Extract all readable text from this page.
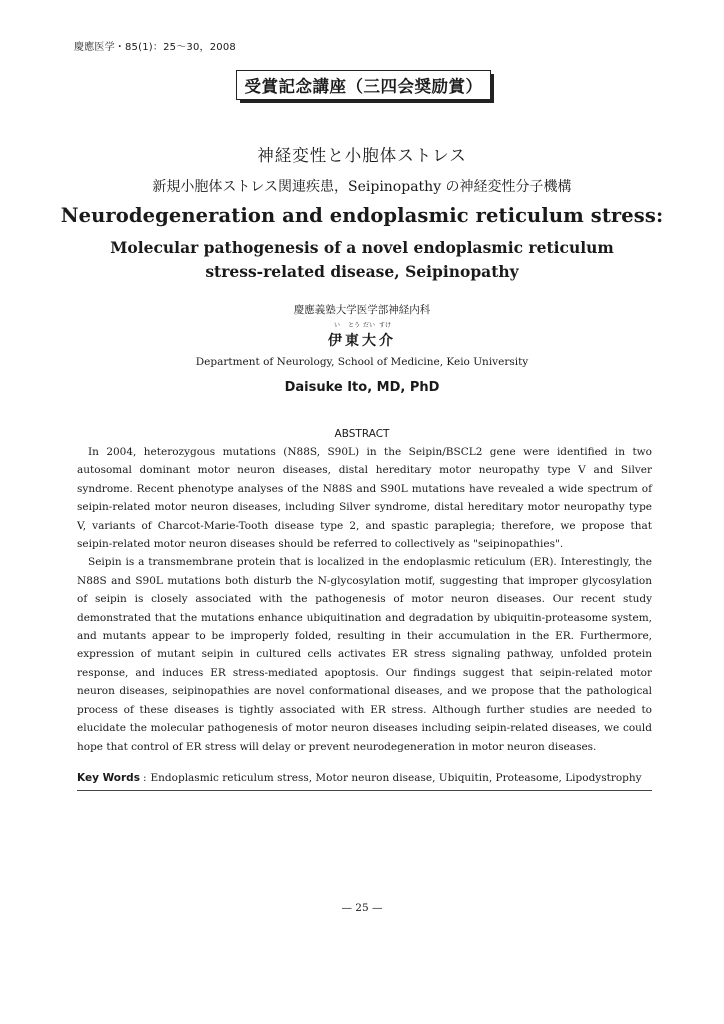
慶應医学・85(1)：25〜30，2008
受賞記念講座（三四会奨励賞）
神経変性と小胞体ストレス
新規小胞体ストレス関連疾患，Seipinopathy の神経変性分子機構
Neurodegeneration and endoplasmic reticulum stress:
Molecular pathogenesis of a novel endoplasmic reticulum
stress-related disease, Seipinopathy
慶應義塾大学医学部神経内科
い とう だい すけ
伊東大介
Department of Neurology, School of Medicine, Keio University
Daisuke Ito, MD, PhD
ABSTRACT

In 2004, heterozygous mutations (N88S, S90L) in the Seipin/BSCL2 gene were identified in two autosomal dominant motor neuron diseases, distal hereditary motor neuropathy type V and Silver syndrome. Recent phenotype analyses of the N88S and S90L mutations have revealed a wide spectrum of seipin-related motor neuron diseases, including Silver syndrome, distal hereditary motor neuropathy type V, variants of Charcot-Marie-Tooth disease type 2, and spastic paraplegia; therefore, we propose that seipin-related motor neuron diseases should be referred to collectively as "seipinopathies".

Seipin is a transmembrane protein that is localized in the endoplasmic reticulum (ER). Interestingly, the N88S and S90L mutations both disturb the N-glycosylation motif, suggesting that improper glycosylation of seipin is closely associated with the pathogenesis of motor neuron diseases. Our recent study demonstrated that the mutations enhance ubiquitination and degradation by ubiquitin-proteasome system, and mutants appear to be improperly folded, resulting in their accumulation in the ER. Furthermore, expression of mutant seipin in cultured cells activates ER stress signaling pathway, unfolded protein response, and induces ER stress-mediated apoptosis. Our findings suggest that seipin-related motor neuron diseases, seipinopathies are novel conformational diseases, and we propose that the pathological process of these diseases is tightly associated with ER stress. Although further studies are needed to elucidate the molecular pathogenesis of motor neuron diseases including seipin-related diseases, we could hope that control of ER stress will delay or prevent neurodegeneration in motor neuron diseases.

Key Words : Endoplasmic reticulum stress, Motor neuron disease, Ubiquitin, Proteasome, Lipodystrophy
— 25 —
